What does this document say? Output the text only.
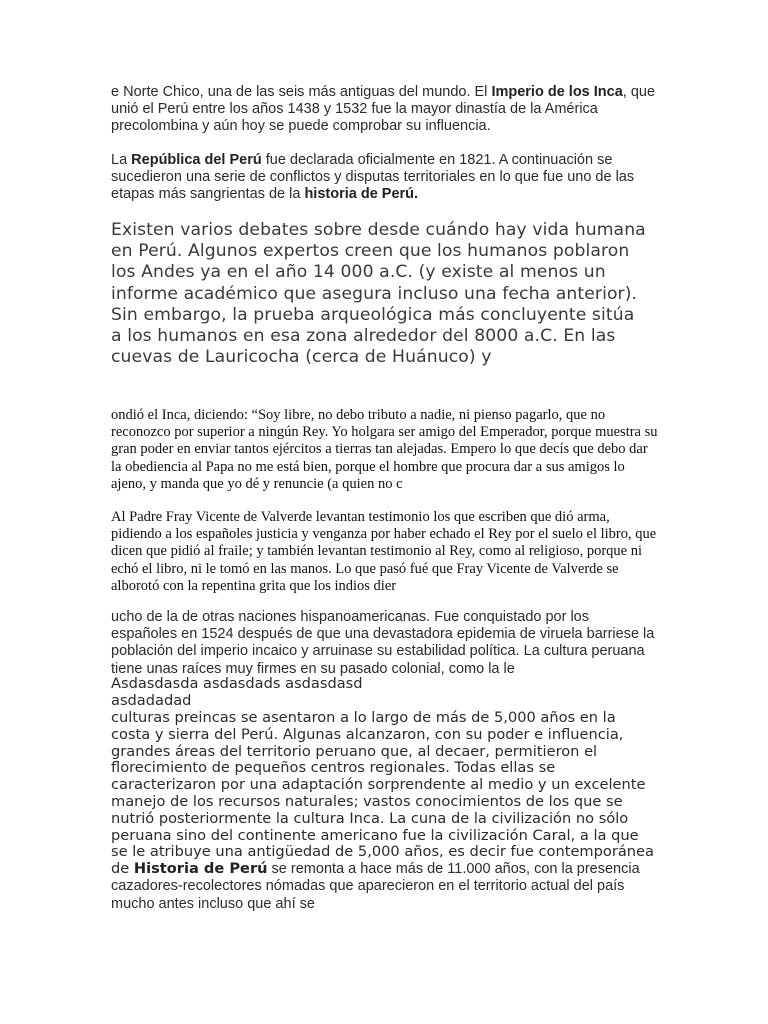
e Norte Chico, una de las seis más antiguas del mundo. El Imperio de los Inca, que unió el Perú entre los años 1438 y 1532 fue la mayor dinastía de la América precolombina y aún hoy se puede comprobar su influencia.

La República del Perú fue declarada oficialmente en 1821. A continuación se sucedieron una serie de conflictos y disputas territoriales en lo que fue uno de las etapas más sangrientas de la historia de Perú.

Existen varios debates sobre desde cuándo hay vida humana en Perú. Algunos expertos creen que los humanos poblaron los Andes ya en el año 14 000 a.C. (y existe al menos un informe académico que asegura incluso una fecha anterior). Sin embargo, la prueba arqueológica más concluyente sitúa a los humanos en esa zona alrededor del 8000 a.C. En las cuevas de Lauricocha (cerca de Huánuco) y

ondió el Inca, diciendo: “Soy libre, no debo tributo a nadie, ni pienso pagarlo, que no reconozco por superior a ningún Rey. Yo holgara ser amigo del Emperador, porque muestra su gran poder en enviar tantos ejércitos a tierras tan alejadas. Empero lo que decís que debo dar la obediencia al Papa no me está bien, porque el hombre que procura dar a sus amigos lo ajeno, y manda que yo dé y renuncie (a quien no c

Al Padre Fray Vicente de Valverde levantan testimonio los que escriben que dió arma, pidiendo a los españoles justicia y venganza por haber echado el Rey por el suelo el libro, que dicen que pidió al fraile; y también levantan testimonio al Rey, como al religioso, porque ni echó el libro, ni le tomó en las manos. Lo que pasó fué que Fray Vicente de Valverde se alborotó con la repentina grita que los indios dier

ucho de la de otras naciones hispanoamericanas. Fue conquistado por los españoles en 1524 después de que una devastadora epidemia de viruela barriese la población del imperio incaico y arruinase su estabilidad política. La cultura peruana tiene unas raíces muy firmes en su pasado colonial, como la le

Asdasdasda asdasdads asdasdasd

asdadadad

culturas preincas se asentaron a lo largo de más de 5,000 años en la costa y sierra del Perú. Algunas alcanzaron, con su poder e influencia, grandes áreas del territorio peruano que, al decaer, permitieron el florecimiento de pequeños centros regionales. Todas ellas se caracterizaron por una adaptación sorprendente al medio y un excelente manejo de los recursos naturales; vastos conocimientos de los que se nutrió posteriormente la cultura Inca. La cuna de la civilización no sólo peruana sino del continente americano fue la civilización Caral, a la que se le atribuye una antigüedad de 5,000 años, es decir fue contemporánea de Historia de Perú se remonta a hace más de 11.000 años, con la presencia cazadores-recolectores nómadas que aparecieron en el territorio actual del país mucho antes incluso que ahí se
